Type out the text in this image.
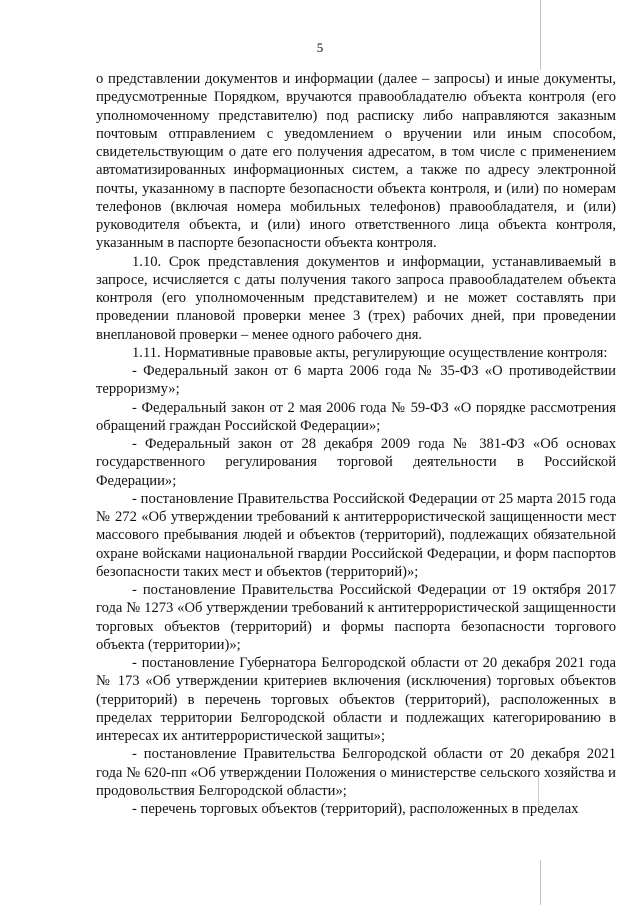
5

о представлении документов и информации (далее – запросы) и иные документы, предусмотренные Порядком, вручаются правообладателю объекта контроля (его уполномоченному представителю) под расписку либо направляются заказным почтовым отправлением с уведомлением о вручении или иным способом, свидетельствующим о дате его получения адресатом, в том числе с применением автоматизированных информационных систем, а также по адресу электронной почты, указанному в паспорте безопасности объекта контроля, и (или) по номерам телефонов (включая номера мобильных телефонов) правообладателя, и (или) руководителя объекта, и (или) иного ответственного лица объекта контроля, указанным в паспорте безопасности объекта контроля.

1.10. Срок представления документов и информации, устанавливаемый в запросе, исчисляется с даты получения такого запроса правообладателем объекта контроля (его уполномоченным представителем) и не может составлять при проведении плановой проверки менее 3 (трех) рабочих дней, при проведении внеплановой проверки – менее одного рабочего дня.

1.11. Нормативные правовые акты, регулирующие осуществление контроля:

- Федеральный закон от 6 марта 2006 года № 35-ФЗ «О противодействии терроризму»;

- Федеральный закон от 2 мая 2006 года № 59-ФЗ «О порядке рассмотрения обращений граждан Российской Федерации»;

- Федеральный закон от 28 декабря 2009 года № 381-ФЗ «Об основах государственного регулирования торговой деятельности в Российской Федерации»;

- постановление Правительства Российской Федерации от 25 марта 2015 года № 272 «Об утверждении требований к антитеррористической защищенности мест массового пребывания людей и объектов (территорий), подлежащих обязательной охране войсками национальной гвардии Российской Федерации, и форм паспортов безопасности таких мест и объектов (территорий)»;

- постановление Правительства Российской Федерации от 19 октября 2017 года № 1273 «Об утверждении требований к антитеррористической защищенности торговых объектов (территорий) и формы паспорта безопасности торгового объекта (территории)»;

- постановление Губернатора Белгородской области от 20 декабря 2021 года № 173 «Об утверждении критериев включения (исключения) торговых объектов (территорий) в перечень торговых объектов (территорий), расположенных в пределах территории Белгородской области и подлежащих категорированию в интересах их антитеррористической защиты»;

- постановление Правительства Белгородской области от 20 декабря 2021 года № 620-пп «Об утверждении Положения о министерстве сельского хозяйства и продовольствия Белгородской области»;

- перечень торговых объектов (территорий), расположенных в пределах
